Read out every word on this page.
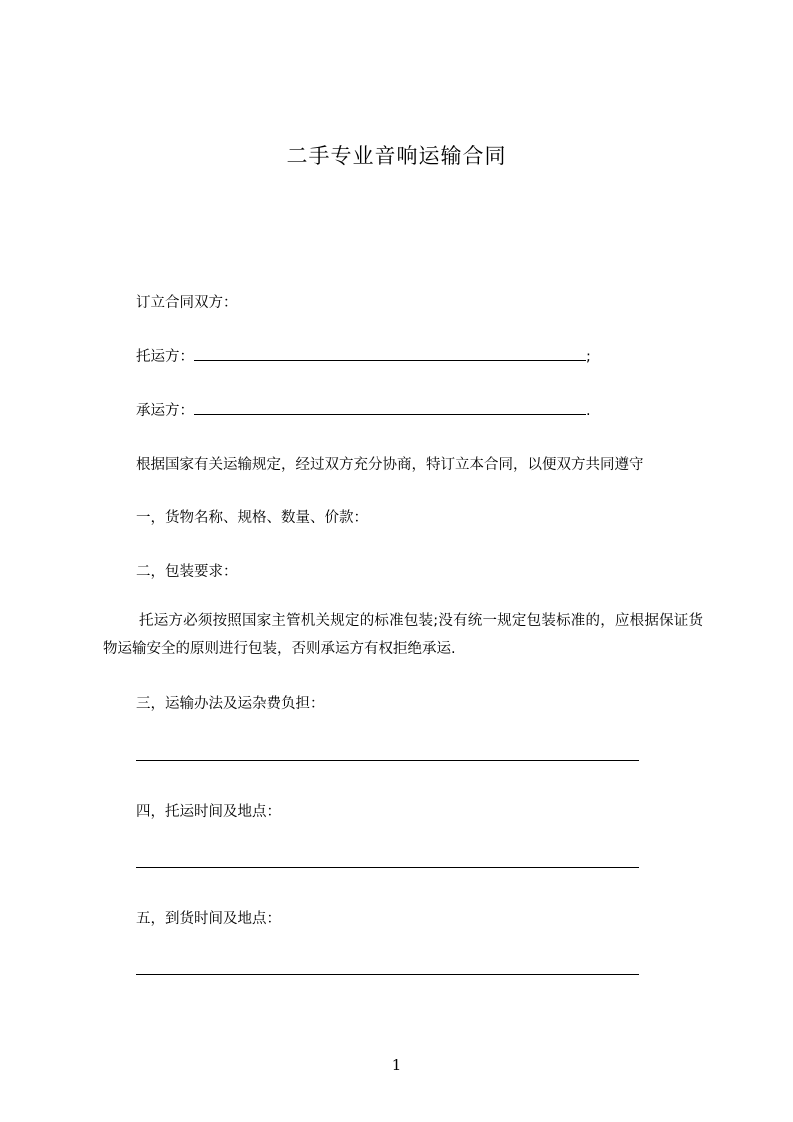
二手专业音响运输合同
订立合同双方：
托运方：	;
承运方：	.
根据国家有关运输规定，经过双方充分协商，特订立本合同，以便双方共同遵守
一，货物名称、规格、数量、价款：
二，包装要求：
托运方必须按照国家主管机关规定的标准包装;没有统一规定包装标准的，应根据保证货物运输安全的原则进行包装，否则承运方有权拒绝承运.
三，运输办法及运杂费负担：
四，托运时间及地点：
五，到货时间及地点：
1
